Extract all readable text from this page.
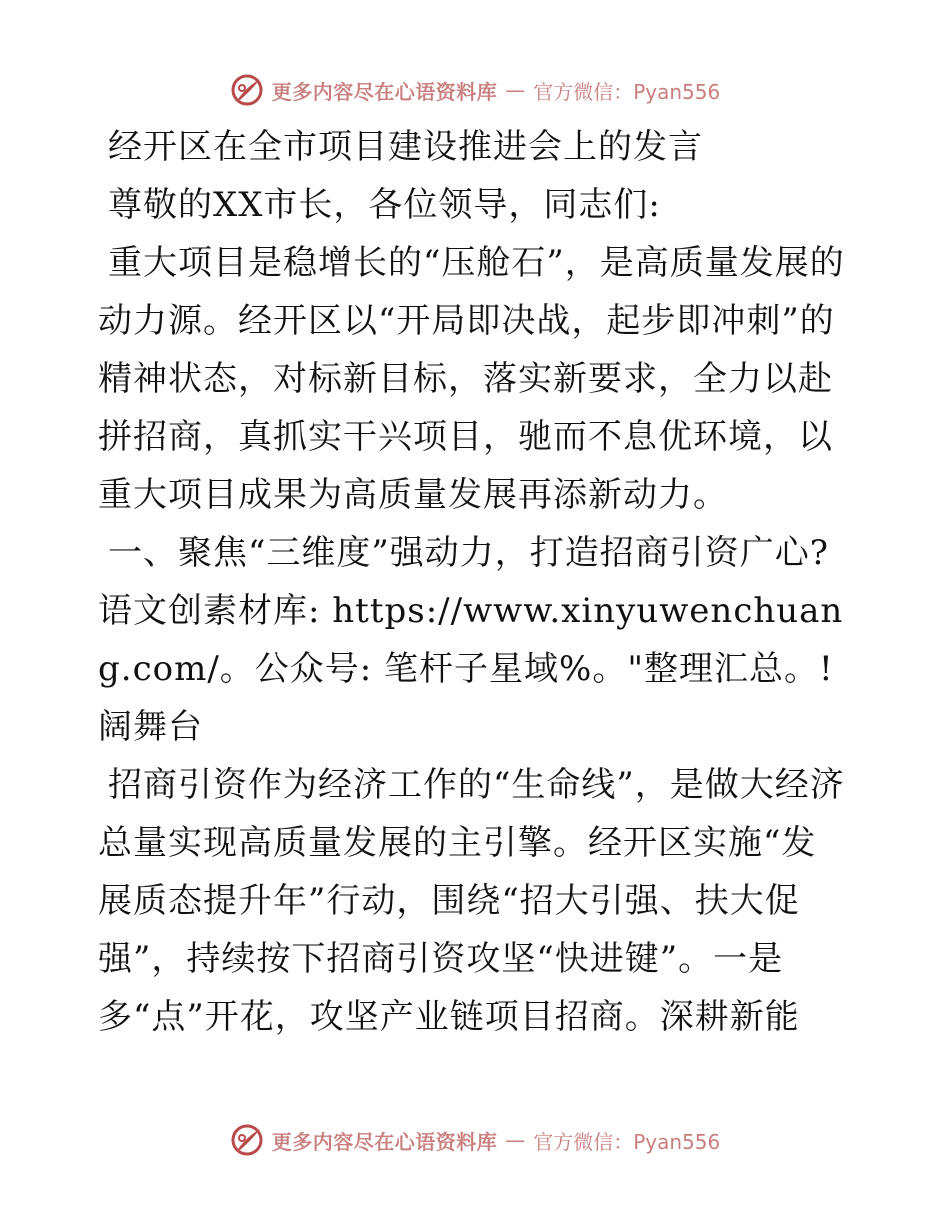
更多内容尽在心语资料库 — 官方微信：Pyan556

经开区在全市项目建设推进会上的发言

尊敬的XX市长，各位领导，同志们:

重大项目是稳增长的“压舱石”，是高质量发展的动力源。经开区以“开局即决战，起步即冲刺”的精神状态，对标新目标，落实新要求，全力以赴拼招商，真抓实干兴项目，驰而不息优环境，以重大项目成果为高质量发展再添新动力。

一、聚焦“三维度”强动力，打造招商引资广心?语文创素材库: https://www.xinyuwenchuang.com/。公众号: 笔杆子星域%。"整理汇总。! 阔舞台

招商引资作为经济工作的“生命线”，是做大经济总量实现高质量发展的主引擎。经开区实施“发展质态提升年”行动，围绕“招大引强、扶大促强”，持续按下招商引资攻坚“快进键”。一是多“点”开花，攻坚产业链项目招商。深耕新能

更多内容尽在心语资料库 — 官方微信：Pyan556
